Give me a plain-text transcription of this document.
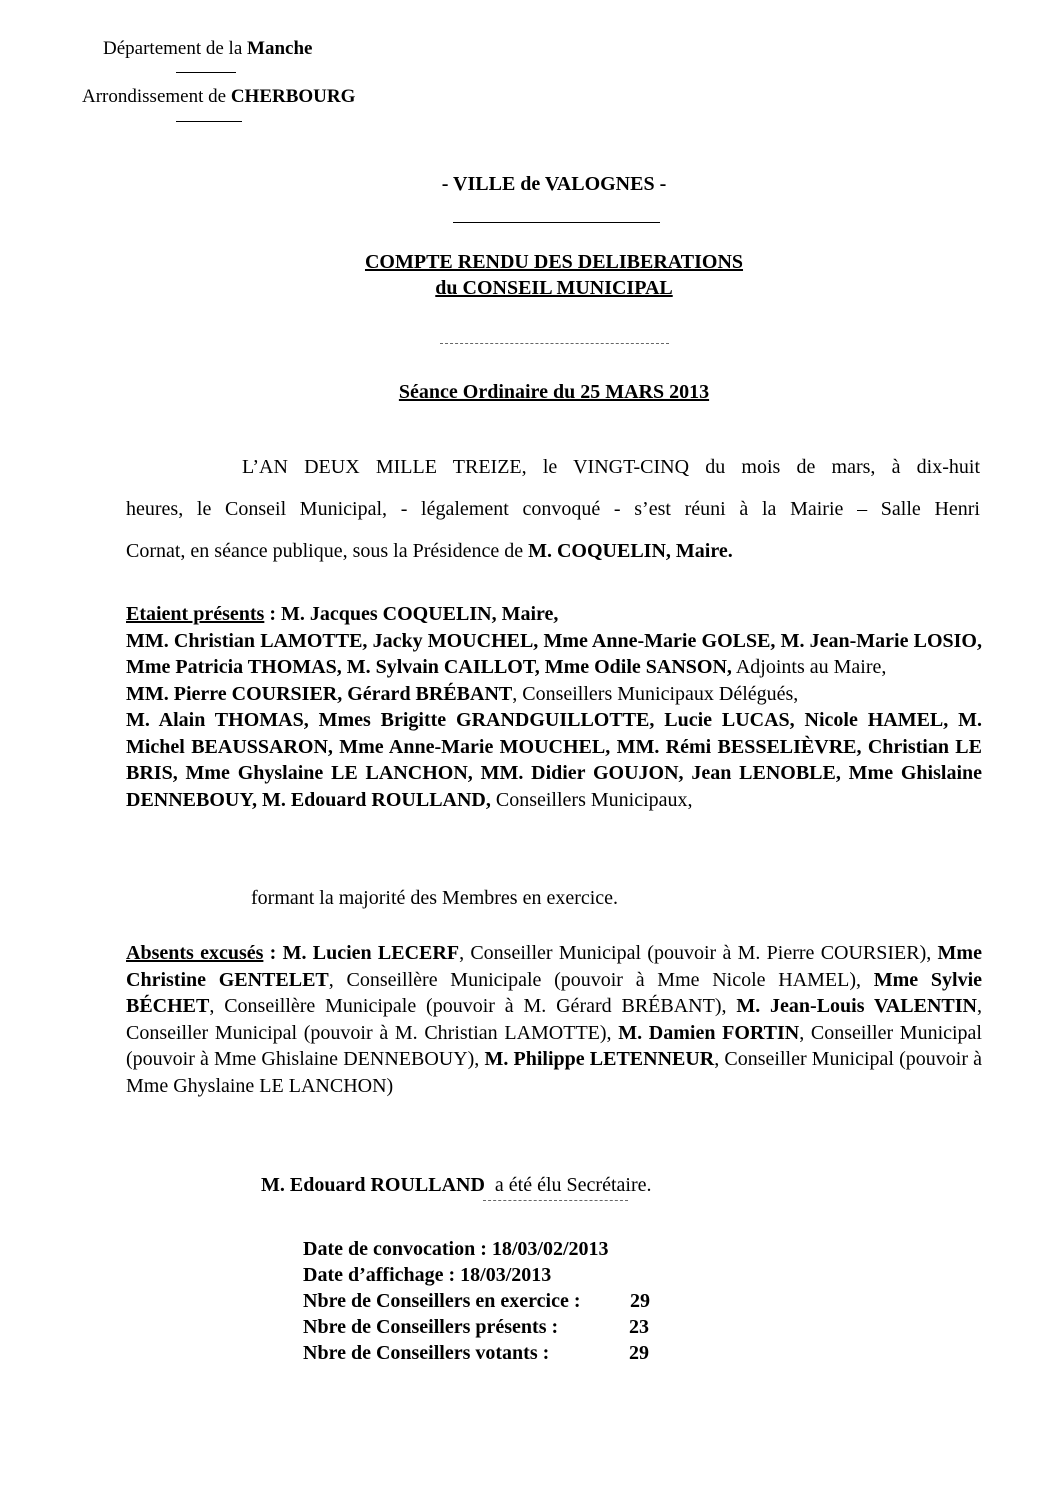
Département de la Manche
Arrondissement de CHERBOURG
- VILLE de VALOGNES -
COMPTE RENDU DES DELIBERATIONS
du CONSEIL MUNICIPAL
Séance Ordinaire du 25 MARS 2013
L’AN DEUX MILLE TREIZE, le VINGT-CINQ du mois de mars, à dix-huit
heures, le Conseil Municipal, - légalement convoqué - s’est réuni à la Mairie – Salle Henri
Cornat, en séance publique, sous la Présidence de M. COQUELIN, Maire.
Etaient présents : M. Jacques COQUELIN, Maire,
MM. Christian LAMOTTE, Jacky MOUCHEL, Mme Anne-Marie GOLSE, M. Jean-Marie LOSIO, Mme Patricia THOMAS, M. Sylvain CAILLOT, Mme Odile SANSON, Adjoints au Maire,
MM. Pierre COURSIER, Gérard BRÉBANT, Conseillers Municipaux Délégués,
M. Alain THOMAS, Mmes Brigitte GRANDGUILLOTTE, Lucie LUCAS, Nicole HAMEL, M. Michel BEAUSSARON, Mme Anne-Marie MOUCHEL, MM. Rémi BESSELIÈVRE, Christian LE BRIS, Mme Ghyslaine LE LANCHON, MM. Didier GOUJON, Jean LENOBLE, Mme Ghislaine DENNEBOUY, M. Edouard ROULLAND, Conseillers Municipaux,
formant la majorité des Membres en exercice.
Absents excusés : M. Lucien LECERF, Conseiller Municipal (pouvoir à M. Pierre COURSIER), Mme Christine GENTELET, Conseillère Municipale (pouvoir à Mme Nicole HAMEL), Mme Sylvie BÉCHET, Conseillère Municipale (pouvoir à M. Gérard BRÉBANT), M. Jean-Louis VALENTIN, Conseiller Municipal (pouvoir à M. Christian LAMOTTE), M. Damien FORTIN, Conseiller Municipal (pouvoir à Mme Ghislaine DENNEBOUY), M. Philippe LETENNEUR, Conseiller Municipal (pouvoir à Mme Ghyslaine LE LANCHON)

M. Edouard ROULLAND  a été élu Secrétaire.

Date de convocation : 18/03/02/2013
Date d’affichage : 18/03/2013
Nbre de Conseillers en exercice : 29
Nbre de Conseillers présents :	23
Nbre de Conseillers votants :	29
